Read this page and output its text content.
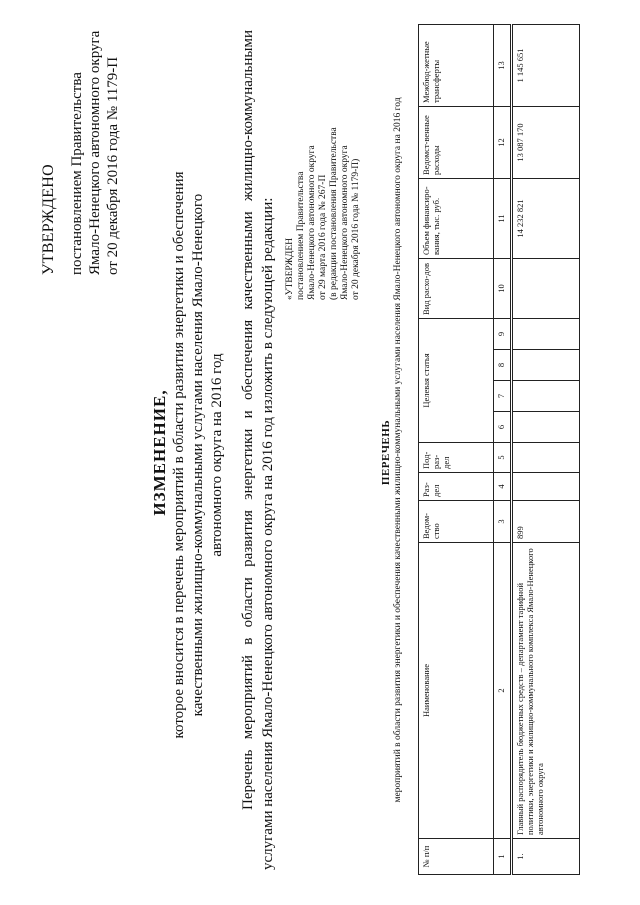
УТВЕРЖДЕНО постановлением Правительства Ямало-Ненецкого автономного округа от 20 декабря 2016 года № 1179-П
ИЗМЕНЕНИЕ, которое вносится в перечень мероприятий в области развития энергетики и обеспечения качественными жилищно-коммунальными услугами населения Ямало-Ненецкого автономного округа на 2016 год Перечень мероприятий в области развития энергетики и обеспечения качественными жилищно-коммунальными услугами населения Ямало-Ненецкого автономного округа на 2016 год изложить в следующей редакции: «УТВЕРЖДЕН постановлением Правительства Ямало-Ненецкого автономного округа от 29 марта 2016 года № 267-П (в редакции постановления Правительства Ямало-Ненецкого автономного округа от 20 декабря 2016 года № 1179-П)
ПЕРЕЧЕНЬ мероприятий в области развития энергетики и обеспечения качественными жилищно-коммунальными услугами населения Ямало-Ненецкого автономного округа на 2016 год
№ п/п	Наименование	Ведом-ство	Раз-дел	Под-раз-дел	Целевая статья				Вид расхо-дов	Объем финансиро-вания, тыс. руб.	Ведомст-венные расходы	Межбюд-жетные трансферты
1	2	3	4	5	6	7	8	9	10	11	12	13
1.	Главный распорядитель бюджетных средств – департамент тарифной политики, энергетики и жилищно-коммунального комплекса Ямало-Ненецкого автономного округа	899								14 232 821	13 087 170	1 145 651
